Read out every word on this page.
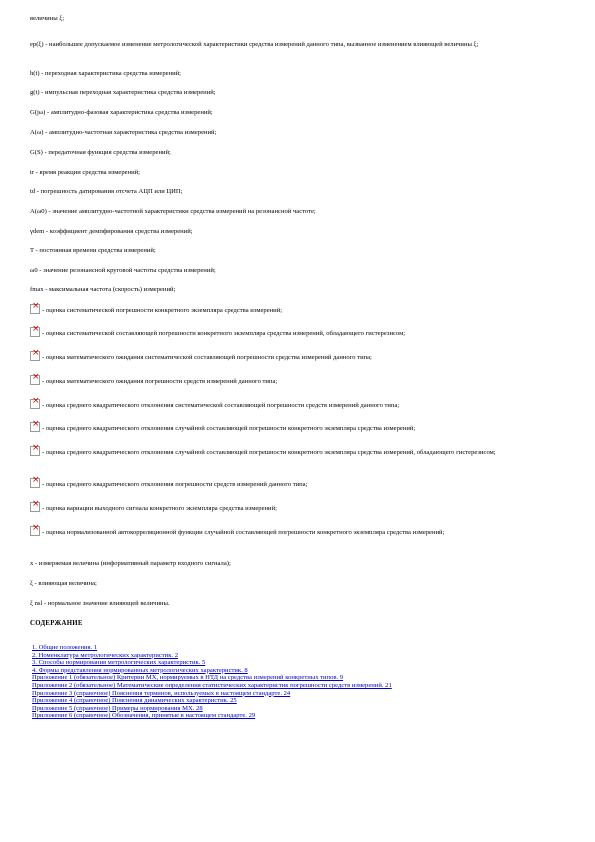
величины ξ;

ep(ξ) - наибольшее допускаемое изменение метрологической характеристики средства измерений данного типа, вызванное изменением влияющей величины ξ;

h(t) - переходная характеристика средства измерений;

g(t) - импульсная переходная характеристика средства измерений;

G(jω) - амплитудно-фазовая характеристика средства измерений;

A(ω) - амплитудно-частотная характеристика средства измерений;

G(S) - передаточная функция средства измерений;

tr - время реакции средства измерений;

td - погрешность датирования отсчета АЦП или ЦИП;

A(ω0) - значение амплитудно-частотной характеристики средства измерений на резонансной частоте;

γdem - коэффициент демпфирования средства измерений;

T - постоянная времени средства измерений;

ω0 - значение резонансной круговой частоты средства измерений;

fmax - максимальная частота (скорость) измерений;

×- оценка систематической погрешности конкретного экземпляра средства измерений;

×- оценка систематической составляющей погрешности конкретного экземпляра средства измерений, обладающего гистерезисом;

×- оценка математического ожидания систематической составляющей погрешности средства измерений данного типа;

×- оценка математического ожидания погрешности средств измерений данного типа;

×- оценка среднего квадратического отклонения систематической составляющей погрешности средств измерений данного типа;

×- оценка среднего квадратического отклонения случайной составляющей погрешности конкретного экземпляра средства измерений;

×- оценка среднего квадратического отклонения случайной составляющей погрешности конкретного экземпляра средства измерений, обладающего гистерезисом;

×- оценка среднего квадратического отклонения погрешности средств измерений данного типа;

×- оценка вариации выходного сигнала конкретного экземпляра средства измерений;

×- оценка нормализованной автокорреляционной функции случайной составляющей погрешности конкретного экземпляра средства измерений;

x - измеряемая величина (информативный параметр входного сигнала);

ξ - влияющая величина;

ξ nsl - нормальное значение влияющей величины.

СОДЕРЖАНИЕ

1. Общие положения. 1
2. Номенклатура метрологических характеристик. 2
3. Способы нормирования метрологических характеристик. 5
4. Формы представления нормированных метрологических характеристик. 8
Приложение 1 (обязательное) Критерии МХ, нормируемых в НТД на средства измерений конкретных типов. 9
Приложение 2 (обязательное) Математические определения статистических характеристик погрешности средств измерений. 21
Приложение 3 (справочное) Пояснения терминов, используемых в настоящем стандарте. 24
Приложение 4 (справочное) Пояснения динамических характеристик. 25
Приложение 5 (справочное) Примеры нормирования МХ. 28
Приложение 6 (справочное) Обозначения, принятые в настоящем стандарте. 29
